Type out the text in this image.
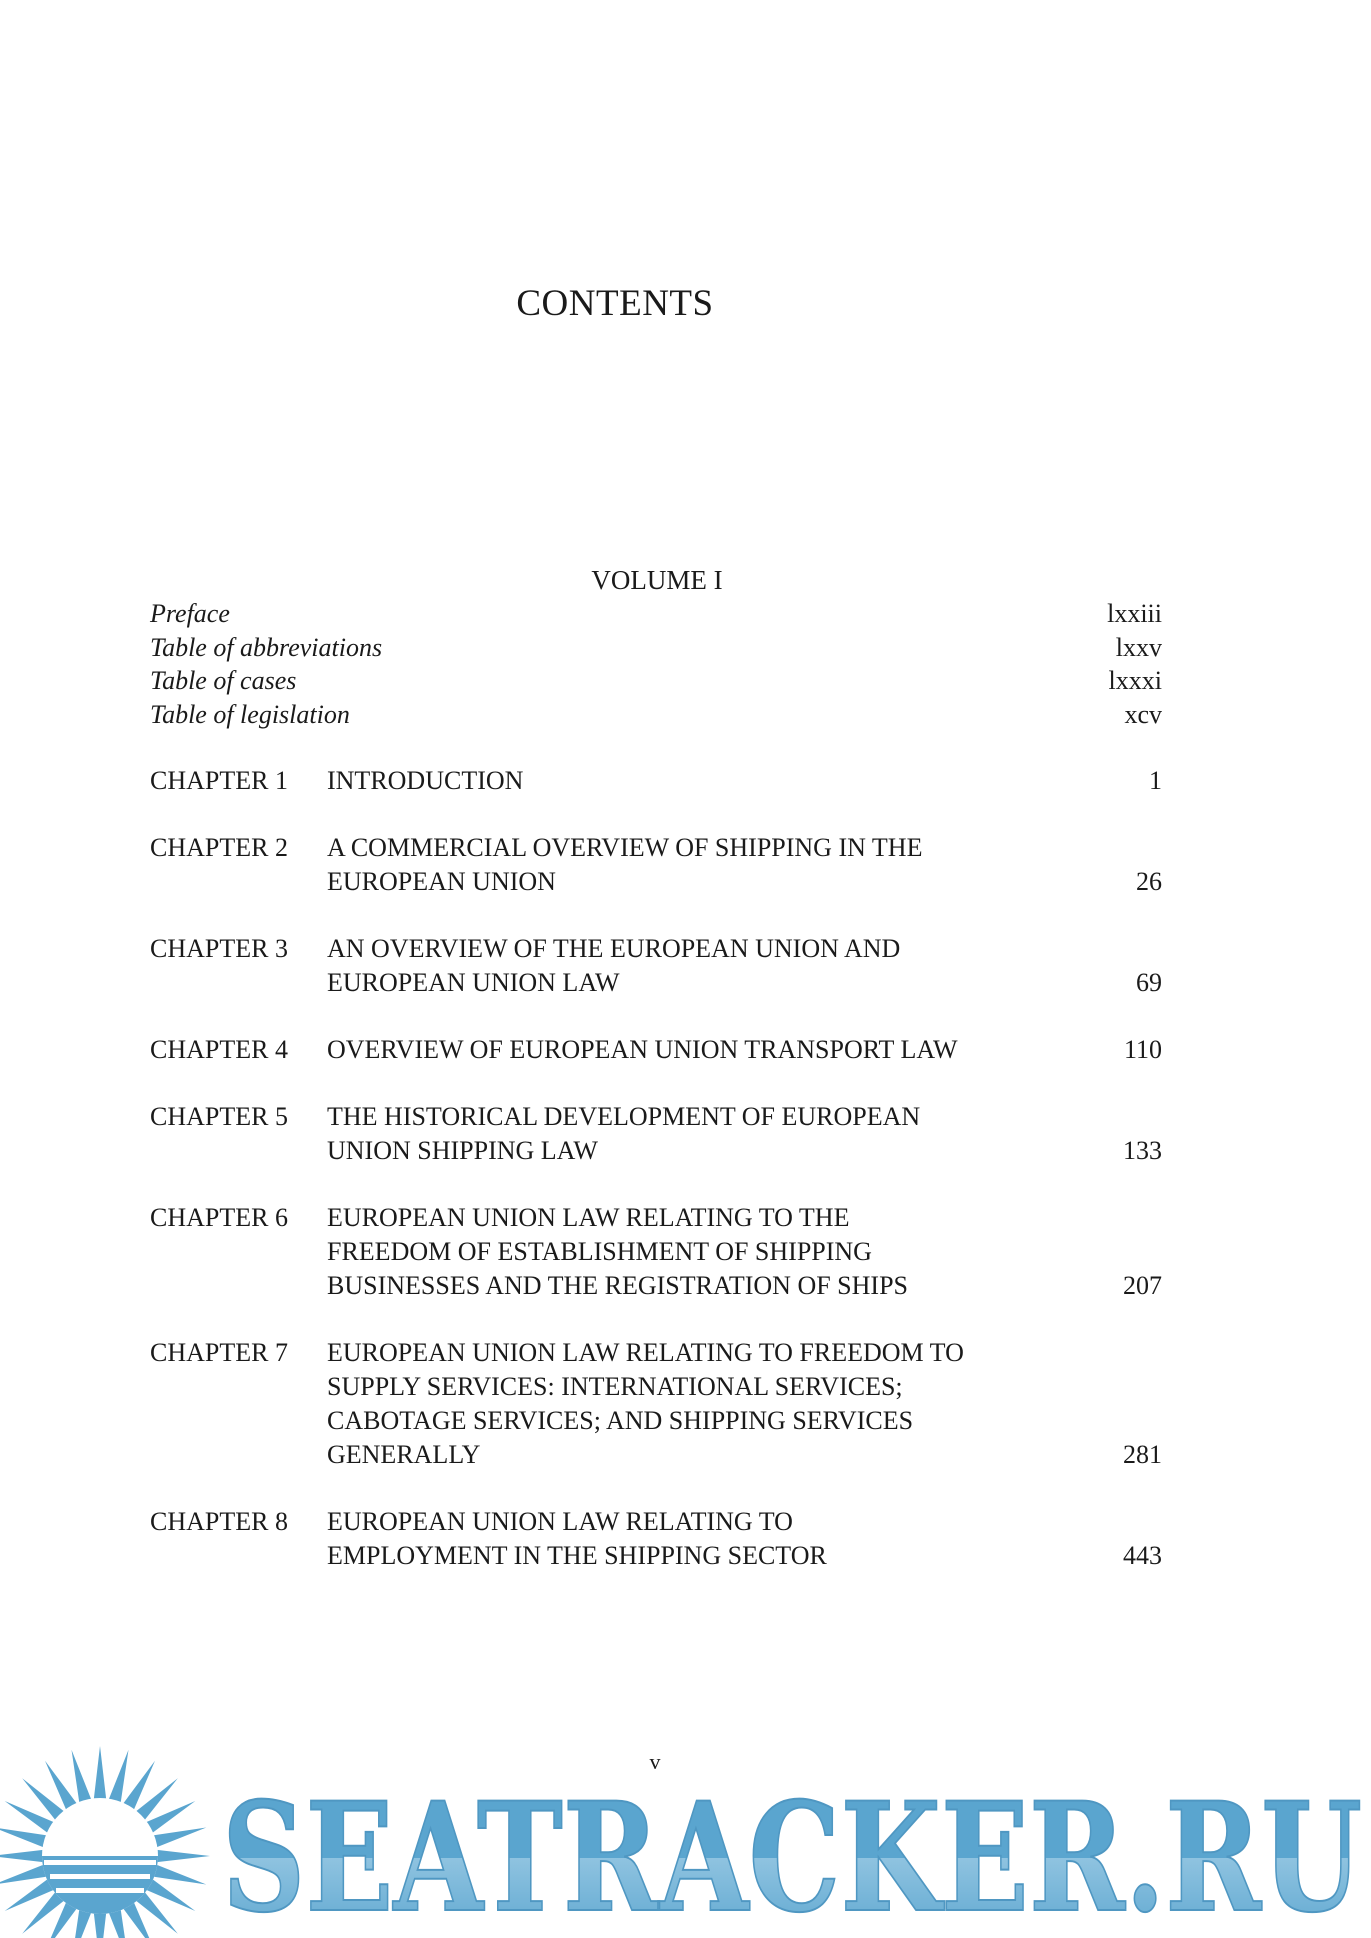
CONTENTS
VOLUME I
Preface	lxxiii
Table of abbreviations	lxxv
Table of cases	lxxxi
Table of legislation	xcv
CHAPTER 1	INTRODUCTION	1
CHAPTER 2	A COMMERCIAL OVERVIEW OF SHIPPING IN THE
EUROPEAN UNION	26
CHAPTER 3	AN OVERVIEW OF THE EUROPEAN UNION AND
EUROPEAN UNION LAW	69
CHAPTER 4	OVERVIEW OF EUROPEAN UNION TRANSPORT LAW	110
CHAPTER 5	THE HISTORICAL DEVELOPMENT OF EUROPEAN
UNION SHIPPING LAW	133
CHAPTER 6	EUROPEAN UNION LAW RELATING TO THE
FREEDOM OF ESTABLISHMENT OF SHIPPING
BUSINESSES AND THE REGISTRATION OF SHIPS	207
CHAPTER 7	EUROPEAN UNION LAW RELATING TO FREEDOM TO
SUPPLY SERVICES: INTERNATIONAL SERVICES;
CABOTAGE SERVICES; AND SHIPPING SERVICES
GENERALLY	281
CHAPTER 8	EUROPEAN UNION LAW RELATING TO
EMPLOYMENT IN THE SHIPPING SECTOR	443
v
SEATRACKER.RU
